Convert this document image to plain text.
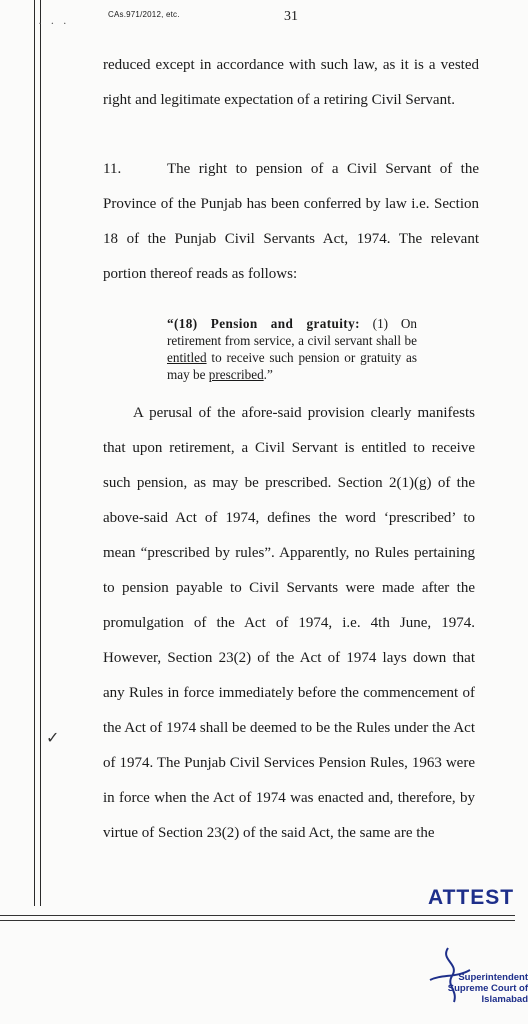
· · ·
CAs.971/2012, etc.	31

reduced except in accordance with such law, as it is a vested right and legitimate expectation of a retiring Civil Servant.

11.	The right to pension of a Civil Servant of the Province of the Punjab has been conferred by law i.e. Section 18 of the Punjab Civil Servants Act, 1974. The relevant portion thereof reads as follows:

“(18) Pension and gratuity: (1) On retirement from service, a civil servant shall be entitled to receive such pension or gratuity as may be prescribed.”

A perusal of the afore-said provision clearly manifests that upon retirement, a Civil Servant is entitled to receive such pension, as may be prescribed. Section 2(1)(g) of the above-said Act of 1974, defines the word ‘prescribed’ to mean “prescribed by rules”. Apparently, no Rules pertaining to pension payable to Civil Servants were made after the promulgation of the Act of 1974, i.e. 4th June, 1974. However, Section 23(2) of the Act of 1974 lays down that any Rules in force immediately before the commencement of the Act of 1974 shall be deemed to be the Rules under the Act of 1974. The Punjab Civil Services Pension Rules, 1963 were in force when the Act of 1974 was enacted and, therefore, by virtue of Section 23(2) of the said Act, the same are the

✓
ATTEST
Superintendent
Supreme Court of
Islamabad
